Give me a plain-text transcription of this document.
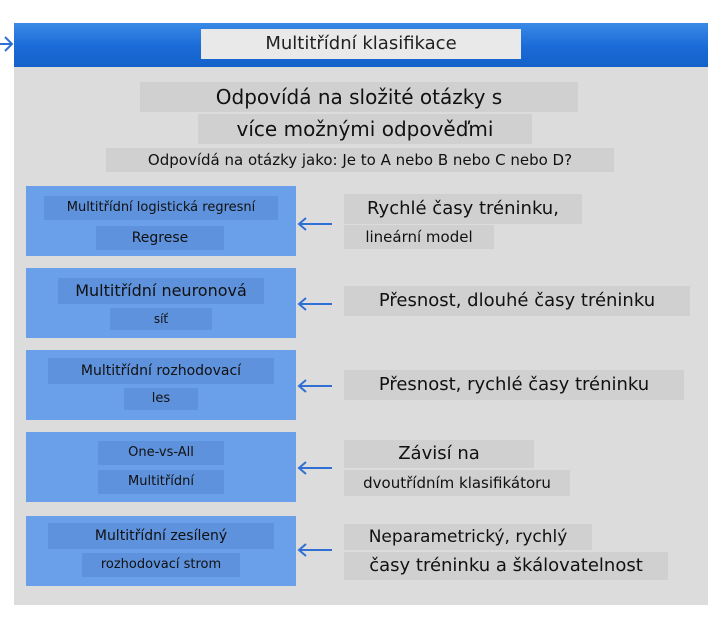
Multitřídní klasifikace
Odpovídá na složité otázky s
více možnými odpověďmi
Odpovídá na otázky jako: Je to A nebo B nebo C nebo D?
Multitřídní logistická regresní
Regrese
Rychlé časy tréninku,
lineární model
Multitřídní neuronová
síť
Přesnost, dlouhé časy tréninku
Multitřídní rozhodovací
les
Přesnost, rychlé časy tréninku
One-vs-All
Multitřídní
Závisí na
dvoutřídním klasifikátoru
Multitřídní zesílený
rozhodovací strom
Neparametrický, rychlý
časy tréninku a škálovatelnost
